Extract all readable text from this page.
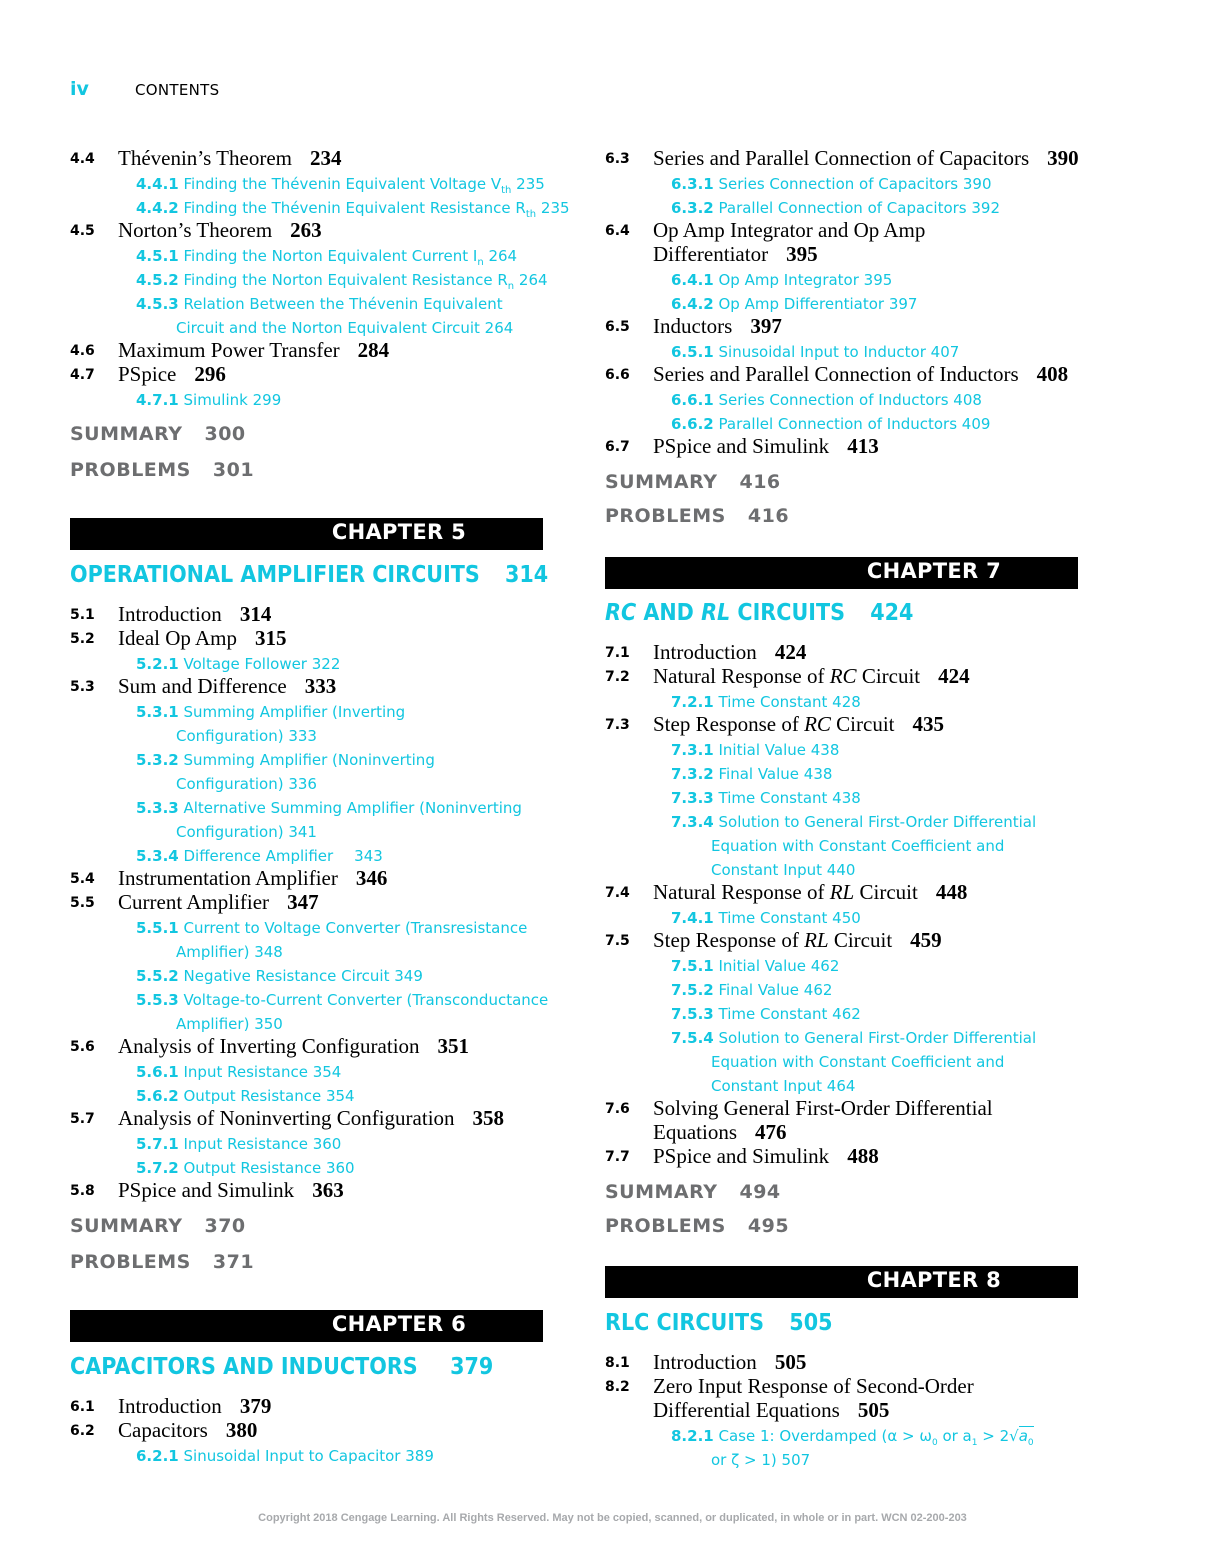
iv	CONTENTS
4.4 Thévenin’s Theorem 234
4.4.1 Finding the Thévenin Equivalent Voltage $V_{th}$ 235
4.4.2 Finding the Thévenin Equivalent Resistance $R_{th}$ 235
4.5 Norton’s Theorem 263
4.5.1 Finding the Norton Equivalent Current $I_n$ 264
4.5.2 Finding the Norton Equivalent Resistance $R_n$ 264
4.5.3 Relation Between the Thévenin Equivalent
Circuit and the Norton Equivalent Circuit 264
4.6 Maximum Power Transfer 284
4.7 PSpice 296
4.7.1 Simulink 299
SUMMARY 300
PROBLEMS 301
CHAPTER 5
OPERATIONAL AMPLIFIER CIRCUITS 314
5.1 Introduction 314
5.2 Ideal Op Amp 315
5.2.1 Voltage Follower 322
5.3 Sum and Difference 333
5.3.1 Summing Amplifier (Inverting
Configuration) 333
5.3.2 Summing Amplifier (Noninverting
Configuration) 336
5.3.3 Alternative Summing Amplifier (Noninverting
Configuration) 341
5.3.4 Difference Amplifier 343
5.4 Instrumentation Amplifier 346
5.5 Current Amplifier 347
5.5.1 Current to Voltage Converter (Transresistance
Amplifier) 348
5.5.2 Negative Resistance Circuit 349
5.5.3 Voltage-to-Current Converter (Transconductance
Amplifier) 350
5.6 Analysis of Inverting Configuration 351
5.6.1 Input Resistance 354
5.6.2 Output Resistance 354
5.7 Analysis of Noninverting Configuration 358
5.7.1 Input Resistance 360
5.7.2 Output Resistance 360
5.8 PSpice and Simulink 363
SUMMARY 370
PROBLEMS 371
CHAPTER 6
CAPACITORS AND INDUCTORS 379
6.1 Introduction 379
6.2 Capacitors 380
6.2.1 Sinusoidal Input to Capacitor 389
6.3 Series and Parallel Connection of Capacitors 390
6.3.1 Series Connection of Capacitors 390
6.3.2 Parallel Connection of Capacitors 392
6.4 Op Amp Integrator and Op Amp
Differentiator 395
6.4.1 Op Amp Integrator 395
6.4.2 Op Amp Differentiator 397
6.5 Inductors 397
6.5.1 Sinusoidal Input to Inductor 407
6.6 Series and Parallel Connection of Inductors 408
6.6.1 Series Connection of Inductors 408
6.6.2 Parallel Connection of Inductors 409
6.7 PSpice and Simulink 413
SUMMARY 416
PROBLEMS 416
CHAPTER 7
RC AND RL CIRCUITS 424
7.1 Introduction 424
7.2 Natural Response of RC Circuit 424
7.2.1 Time Constant 428
7.3 Step Response of RC Circuit 435
7.3.1 Initial Value 438
7.3.2 Final Value 438
7.3.3 Time Constant 438
7.3.4 Solution to General First-Order Differential
Equation with Constant Coefficient and
Constant Input 440
7.4 Natural Response of RL Circuit 448
7.4.1 Time Constant 450
7.5 Step Response of RL Circuit 459
7.5.1 Initial Value 462
7.5.2 Final Value 462
7.5.3 Time Constant 462
7.5.4 Solution to General First-Order Differential
Equation with Constant Coefficient and
Constant Input 464
7.6 Solving General First-Order Differential
Equations 476
7.7 PSpice and Simulink 488
SUMMARY 494
PROBLEMS 495
CHAPTER 8
RLC CIRCUITS 505
8.1 Introduction 505
8.2 Zero Input Response of Second-Order
Differential Equations 505
8.2.1 Case 1: Overdamped ($\alpha > \omega_0$ or $a_1 > 2√a_0$
or ζ > 1) 507
Copyright 2018 Cengage Learning. All Rights Reserved. May not be copied, scanned, or duplicated, in whole or in part. WCN 02-200-203
